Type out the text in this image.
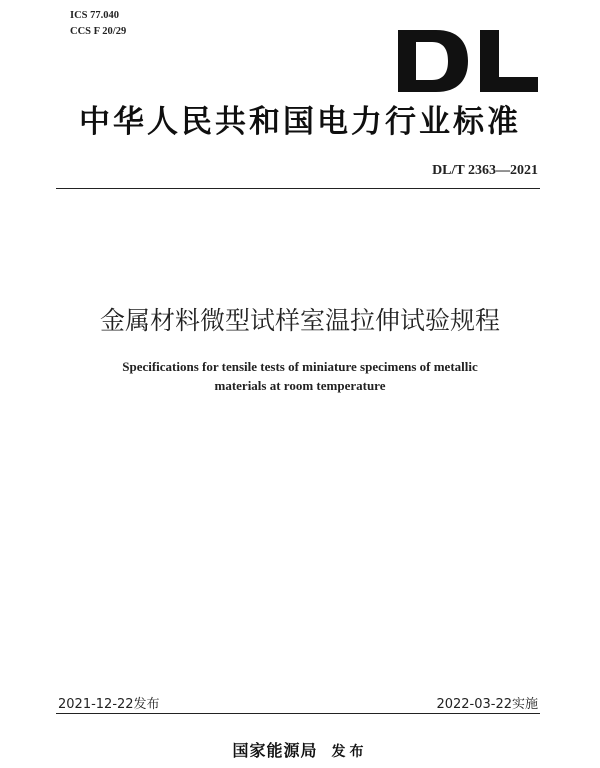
ICS 77.040
CCS F 20/29
中华人民共和国电力行业标准
DL/T 2363—2021
金属材料微型试样室温拉伸试验规程
Specifications for tensile tests of miniature specimens of metallic
materials at room temperature
2021-12-22发布	2022-03-22实施
国家能源局 发布
